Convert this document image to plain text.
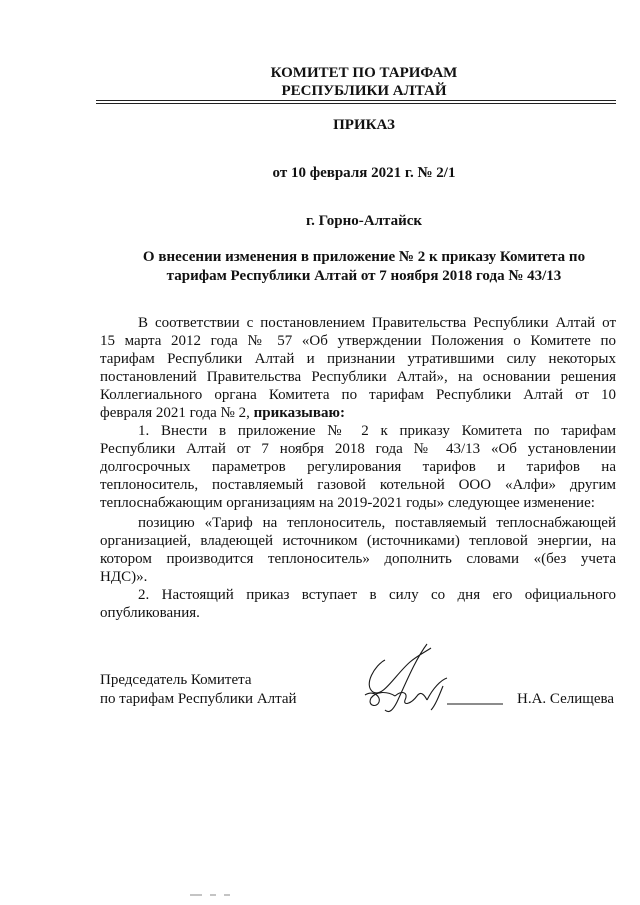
КОМИТЕТ ПО ТАРИФАМ
РЕСПУБЛИКИ АЛТАЙ
ПРИКАЗ
от 10 февраля 2021 г. № 2/1
г. Горно-Алтайск
О внесении изменения в приложение № 2 к приказу Комитета по
тарифам Республики Алтай от 7 ноября 2018 года № 43/13
В соответствии с постановлением Правительства Республики Алтай от
15 марта 2012 года № 57 «Об утверждении Положения о Комитете по
тарифам Республики Алтай и признании утратившими силу некоторых
постановлений Правительства Республики Алтай», на основании решения
Коллегиального органа Комитета по тарифам Республики Алтай от 10
февраля 2021 года № 2, приказываю:
1. Внести в приложение № 2 к приказу Комитета по тарифам
Республики Алтай от 7 ноября 2018 года № 43/13 «Об установлении
долгосрочных параметров регулирования тарифов и тарифов на
теплоноситель, поставляемый газовой котельной ООО «Алфи» другим
теплоснабжающим организациям на 2019-2021 годы» следующее изменение:
позицию «Тариф на теплоноситель, поставляемый теплоснабжающей
организацией, владеющей источником (источниками) тепловой энергии, на
котором производится теплоноситель» дополнить словами «(без учета
НДС)».
2. Настоящий приказ вступает в силу со дня его официального
опубликования.
Председатель Комитета
по тарифам Республики Алтай	Н.А. Селищева
